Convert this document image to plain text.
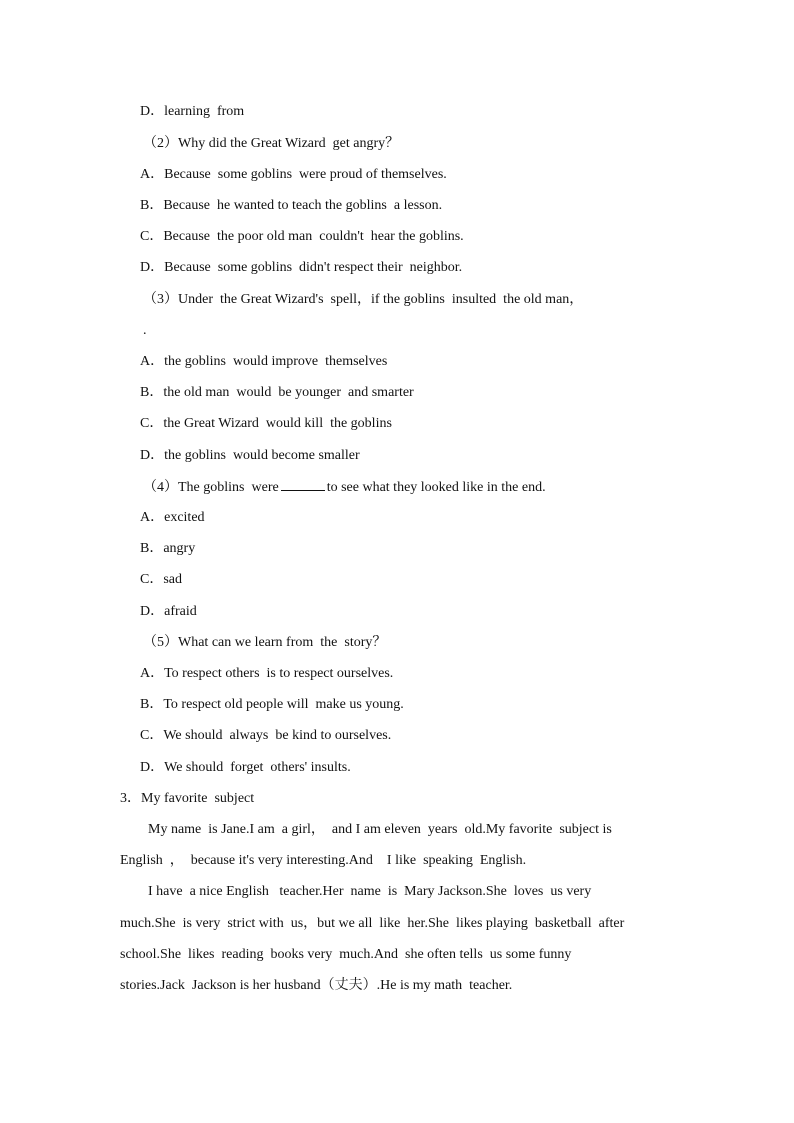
D．learning  from
（2）Why did the Great Wizard  get angry？
A．Because  some goblins  were proud of themselves.
B．Because  he wanted to teach the goblins  a lesson.
C．Because  the poor old man  couldn't  hear the goblins.
D．Because  some goblins  didn't respect their  neighbor.
（3）Under  the Great Wizard's  spell，if the goblins  insulted  the old man，
.
A．the goblins  would improve  themselves
B．the old man  would  be younger  and smarter
C．the Great Wizard  would kill  the goblins
D．the goblins  would become smaller
（4）The goblins  were	to see what they looked like in the end.
A．excited
B．angry
C．sad
D．afraid
（5）What can we learn from  the  story？
A．To respect others  is to respect ourselves.
B．To respect old people will  make us young.
C．We should  always  be kind to ourselves.
D．We should  forget  others' insults.
3．My favorite  subject
My name  is Jane.I am  a girl，  and I am eleven  years  old.My favorite  subject is
English  ，  because it's very interesting.And    I like  speaking  English.
I have  a nice English   teacher.Her  name  is  Mary Jackson.She  loves  us very
much.She  is very  strict with  us，but we all  like  her.She  likes playing  basketball  after
school.She  likes  reading  books very  much.And  she often tells  us some funny
stories.Jack  Jackson is her husband（丈夫）.He is my math  teacher.
